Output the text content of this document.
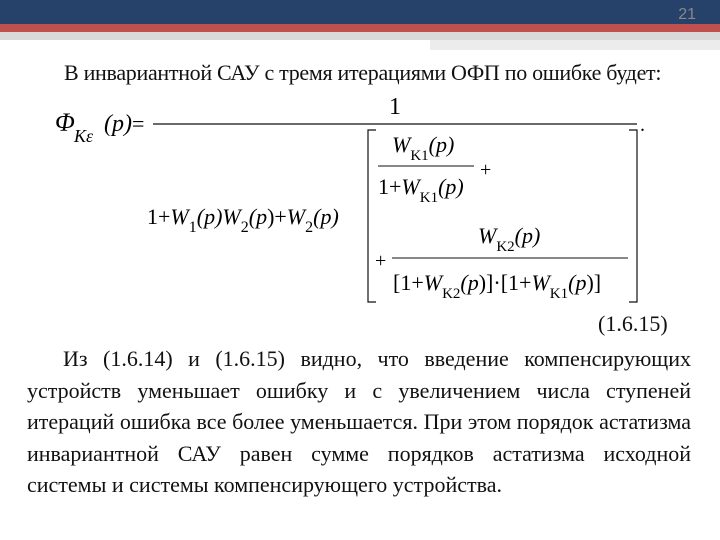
21
В инвариантной САУ с тремя итерациями ОФП по ошибке будет:
Φ Kε (p) =
1
.
$1+W_1(p)W_2(p)+W_2(p)$
$W_{K1}(p)$
$1+W_{K1}(p)$
+
+
$W_{K2}(p)$
$[1+W_{K2}(p)]\cdot[1+W_{K1}(p)]$
(1.6.15)
Из (1.6.14) и (1.6.15) видно, что введение компенсирующих устройств уменьшает ошибку и с увеличением числа ступеней итераций ошибка все более уменьшается. При этом порядок астатизма инвариантной САУ равен сумме порядков астатизма исходной системы и системы компенсирующего устройства.
